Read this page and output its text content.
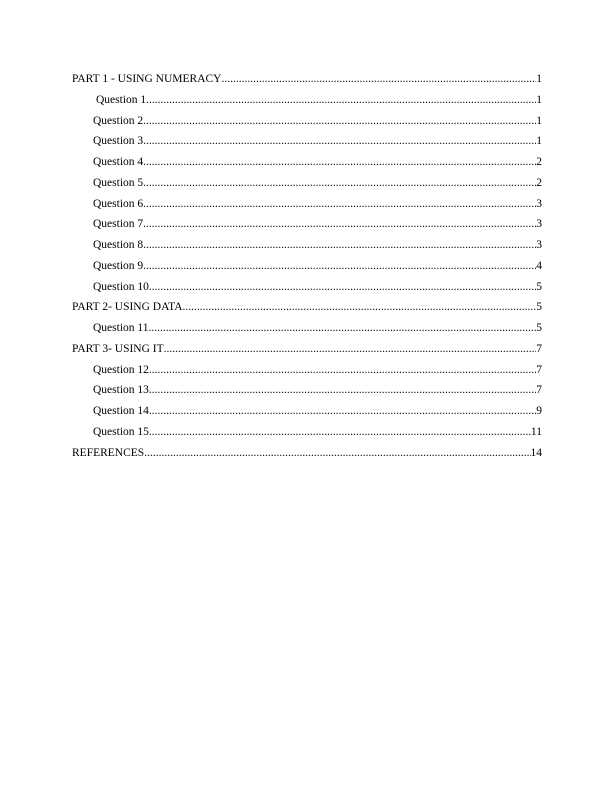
PART 1 - USING NUMERACY .....	1
Question 1 .....	1
Question 2 .....	1
Question 3 .....	1
Question 4 .....	2
Question 5 .....	2
Question 6 .....	3
Question 7 .....	3
Question 8 .....	3
Question 9 .....	4
Question 10 .....	5
PART 2- USING DATA .....	5
Question 11 .....	5
PART 3- USING IT .....	7
Question 12 .....	7
Question 13 .....	7
Question 14 .....	9
Question 15 .....	11
REFERENCES .....	14
